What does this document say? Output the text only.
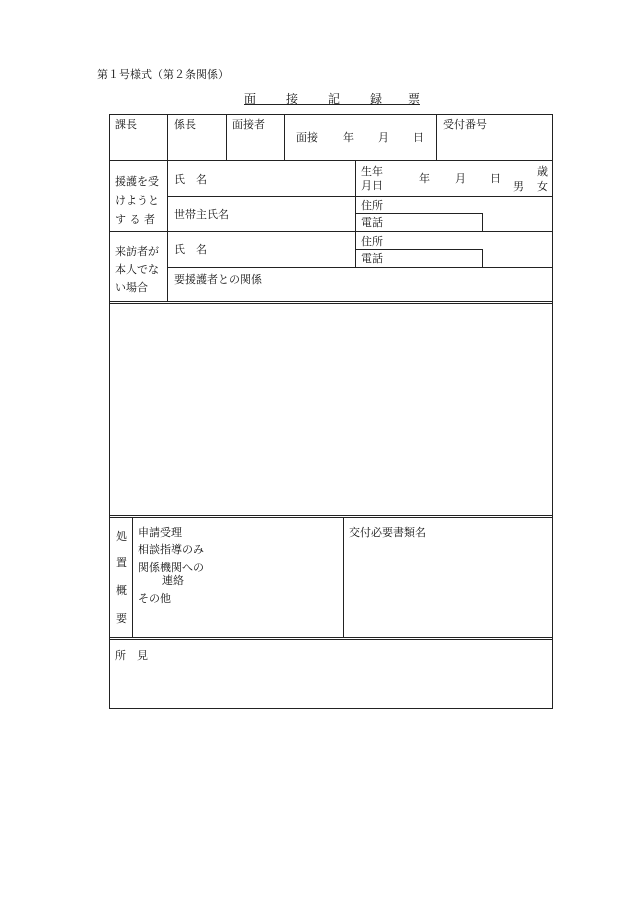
第１号様式（第２条関係）
面 接 記 録 票
課長	係長	面接者
面接 年 月 日
受付番号
援護を受
けようと
す る 者
氏　名
生年
月日
年 月 日
歳
男 女
世帯主氏名
住所
電話
来訪者が
本人でな
い場合
氏　名
住所
電話
要援護者との関係
処
置
概
要
申請受理
相談指導のみ
関係機関への
連絡
その他
交付必要書類名
所　見
